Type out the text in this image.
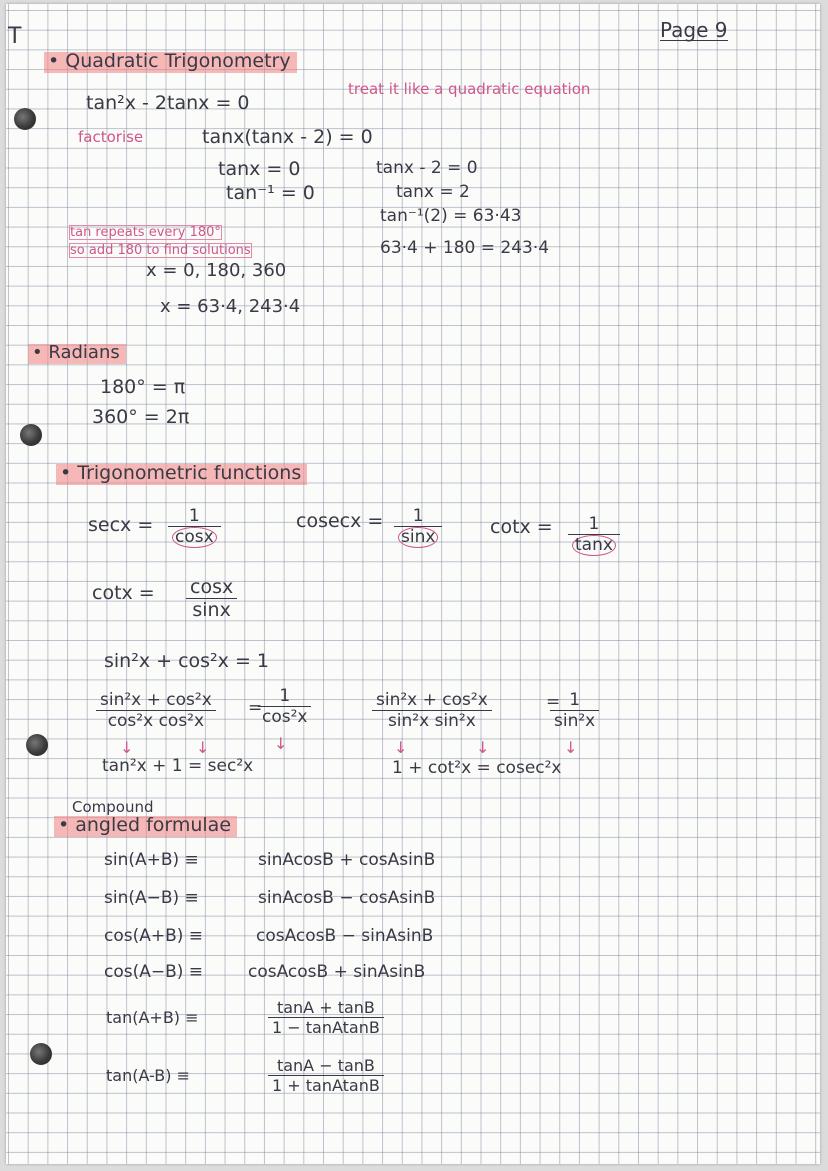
T	Page 9
• Quadratic Trigonometry
tan²x - 2tanx = 0
treat it like a quadratic equation
factorise	tanx(tanx - 2) = 0
tanx = 0
tan⁻¹ = 0
tanx - 2 = 0
tanx = 2
tan⁻¹(2) = 63·43
63·4 + 180 = 243·4
tan repeats every 180°
so add 180 to find solutions
x = 0, 180, 360
x = 63·4, 243·4
• Radians
180° = π
360° = 2π
• Trigonometric functions
$\sec x = \frac{1}{\cos x}$	$cosecx = \frac{1}{\sin x}$	$\cot x = \frac{1}{\tan x}$
$\cot x = \frac{\cos x}{\sin x}$
sin²x + cos²x = 1
$\frac{\text{sin²x + cos²x}}{\text{cos²x cos²x}}$ =
$\frac{1}{\text{cos²x}}$
↓	↓	↓
tan²x + 1 = sec²x
$\frac{\text{sin²x + cos²x}}{\text{sin²x sin²x}}$	=
$\frac{1}{\text{sin²x}}$
↓	↓	↓
1 + cot²x = cosec²x
Compound
• angled formulae
sin(A+B) ≡	sinAcosB + cosAsinB
sin(A−B) ≡	sinAcosB − cosAsinB
cos(A+B) ≡	cosAcosB − sinAsinB
cos(A−B) ≡	cosAcosB + sinAsinB
tan(A+B) ≡	$\frac{\tan A + \tan B}{\text{1 − tanAtanB}}$
tan(A-B) ≡	$\frac{\tan A - \tan B}{\text{1 + tanAtanB}}$
